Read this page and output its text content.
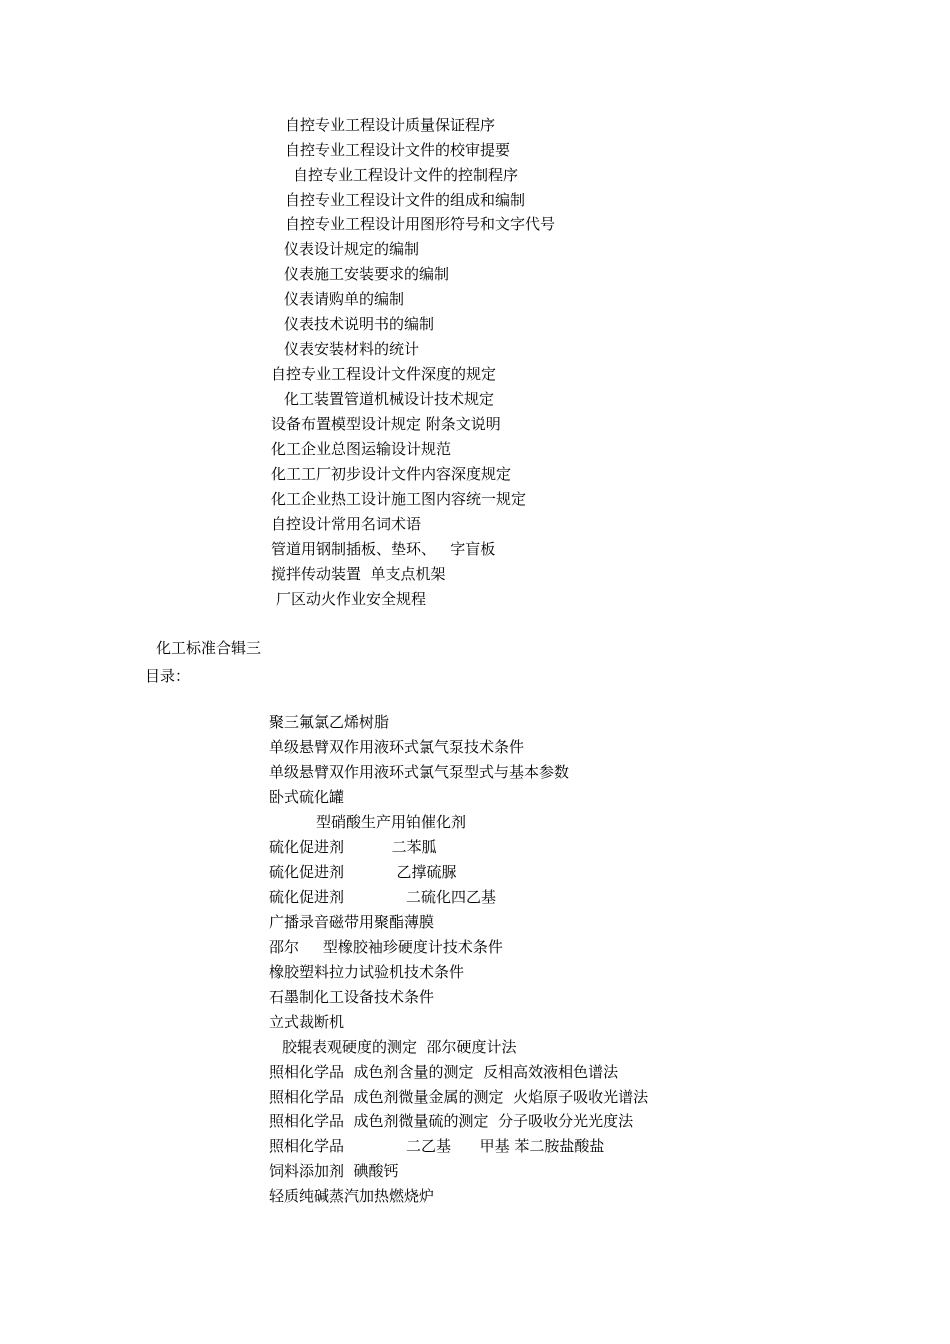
自控专业工程设计质量保证程序
自控专业工程设计文件的校审提要
自控专业工程设计文件的控制程序
自控专业工程设计文件的组成和编制
自控专业工程设计用图形符号和文字代号
仪表设计规定的编制
仪表施工安装要求的编制
仪表请购单的编制
仪表技术说明书的编制
仪表安装材料的统计
自控专业工程设计文件深度的规定
化工装置管道机械设计技术规定
设备布置模型设计规定 附条文说明
化工企业总图运输设计规范
化工工厂初步设计文件内容深度规定
化工企业热工设计施工图内容统一规定
自控设计常用名词术语
管道用钢制插板、垫环、   字盲板
搅拌传动装置  单支点机架
厂区动火作业安全规程
化工标准合辑三
目录：
聚三氟氯乙烯树脂
单级悬臂双作用液环式氯气泵技术条件
单级悬臂双作用液环式氯气泵型式与基本参数
卧式硫化罐
型硝酸生产用铂催化剂
硫化促进剂          二苯胍
硫化促进剂           乙撑硫脲
硫化促进剂             二硫化四乙基
广播录音磁带用聚酯薄膜
邵尔     型橡胶袖珍硬度计技术条件
橡胶塑料拉力试验机技术条件
石墨制化工设备技术条件
立式裁断机
胶辊表观硬度的测定  邵尔硬度计法
照相化学品  成色剂含量的测定  反相高效液相色谱法
照相化学品  成色剂微量金属的测定  火焰原子吸收光谱法
照相化学品  成色剂微量硫的测定  分子吸收分光光度法
照相化学品             二乙基      甲基 苯二胺盐酸盐
饲料添加剂  碘酸钙
轻质纯碱蒸汽加热燃烧炉
